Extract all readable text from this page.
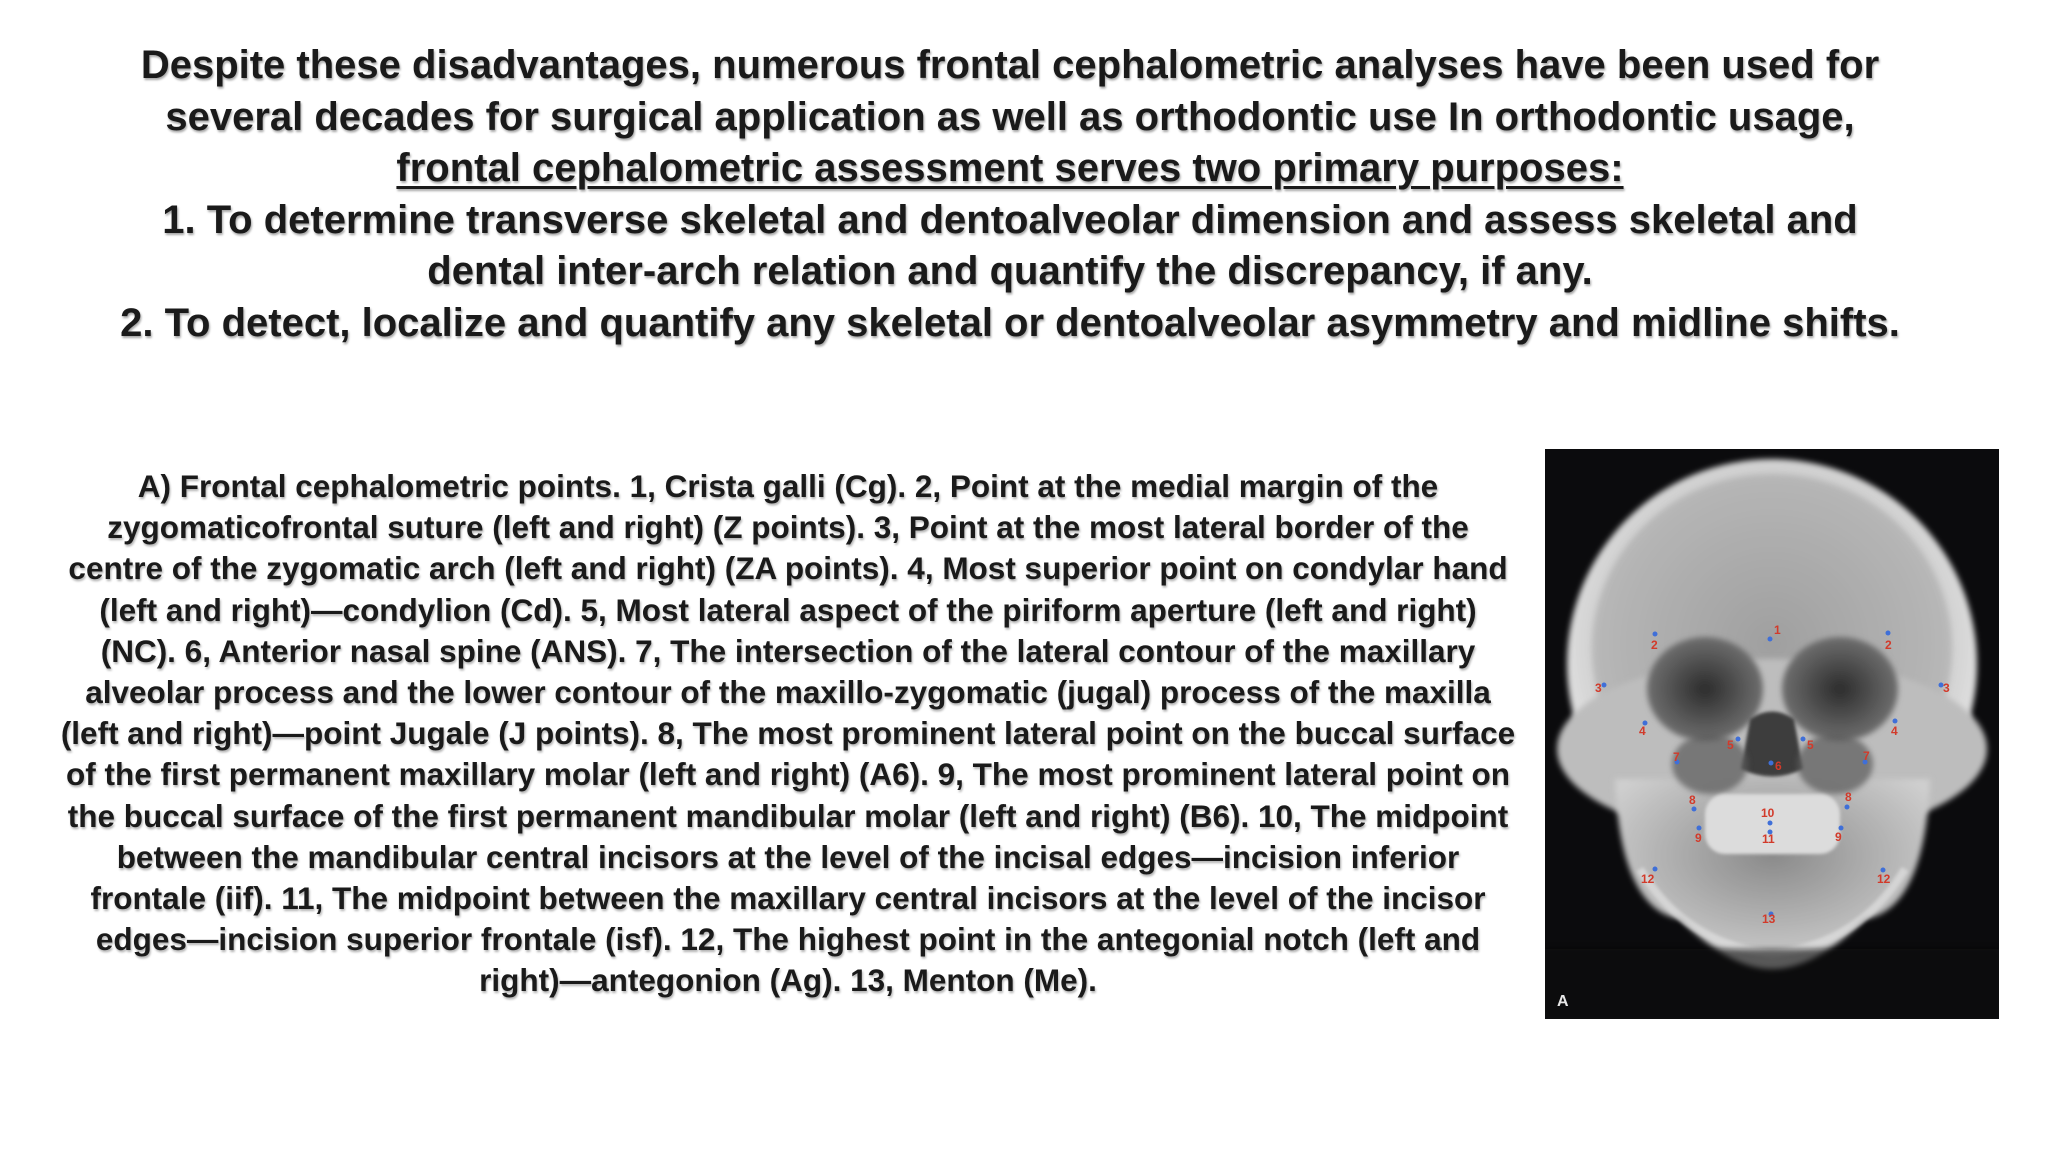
Despite these disadvantages, numerous frontal cephalometric analyses have been used for several decades for surgical application as well as orthodontic use In orthodontic usage, frontal cephalometric assessment serves two primary purposes:
1. To determine transverse skeletal and dentoalveolar dimension and assess skeletal and dental inter-arch relation and quantify the discrepancy, if any.
2. To detect, localize and quantify any skeletal or dentoalveolar asymmetry and midline shifts.
A) Frontal cephalometric points. 1, Crista galli (Cg). 2, Point at the medial margin of the zygomaticofrontal suture (left and right) (Z points). 3, Point at the most lateral border of the centre of the zygomatic arch (left and right) (ZA points). 4, Most superior point on condylar hand (left and right)—condylion (Cd). 5, Most lateral aspect of the piriform aperture (left and right) (NC). 6, Anterior nasal spine (ANS). 7, The intersection of the lateral contour of the maxillary alveolar process and the lower contour of the maxillo-zygomatic (jugal) process of the maxilla (left and right)—point Jugale (J points). 8, The most prominent lateral point on the buccal surface of the first permanent maxillary molar (left and right) (A6). 9, The most prominent lateral point on the buccal surface of the first permanent mandibular molar (left and right) (B6). 10, The midpoint between the mandibular central incisors at the level of the incisal edges—incision inferior frontale (iif). 11, The midpoint between the maxillary central incisors at the level of the incisor edges—incision superior frontale (isf). 12, The highest point in the antegonial notch (left and right)—antegonion (Ag). 13, Menton (Me).
1
2	2
3	3
4	4
5	5
6
7	7
8	8
9	9
10
11
12	12
13
A
